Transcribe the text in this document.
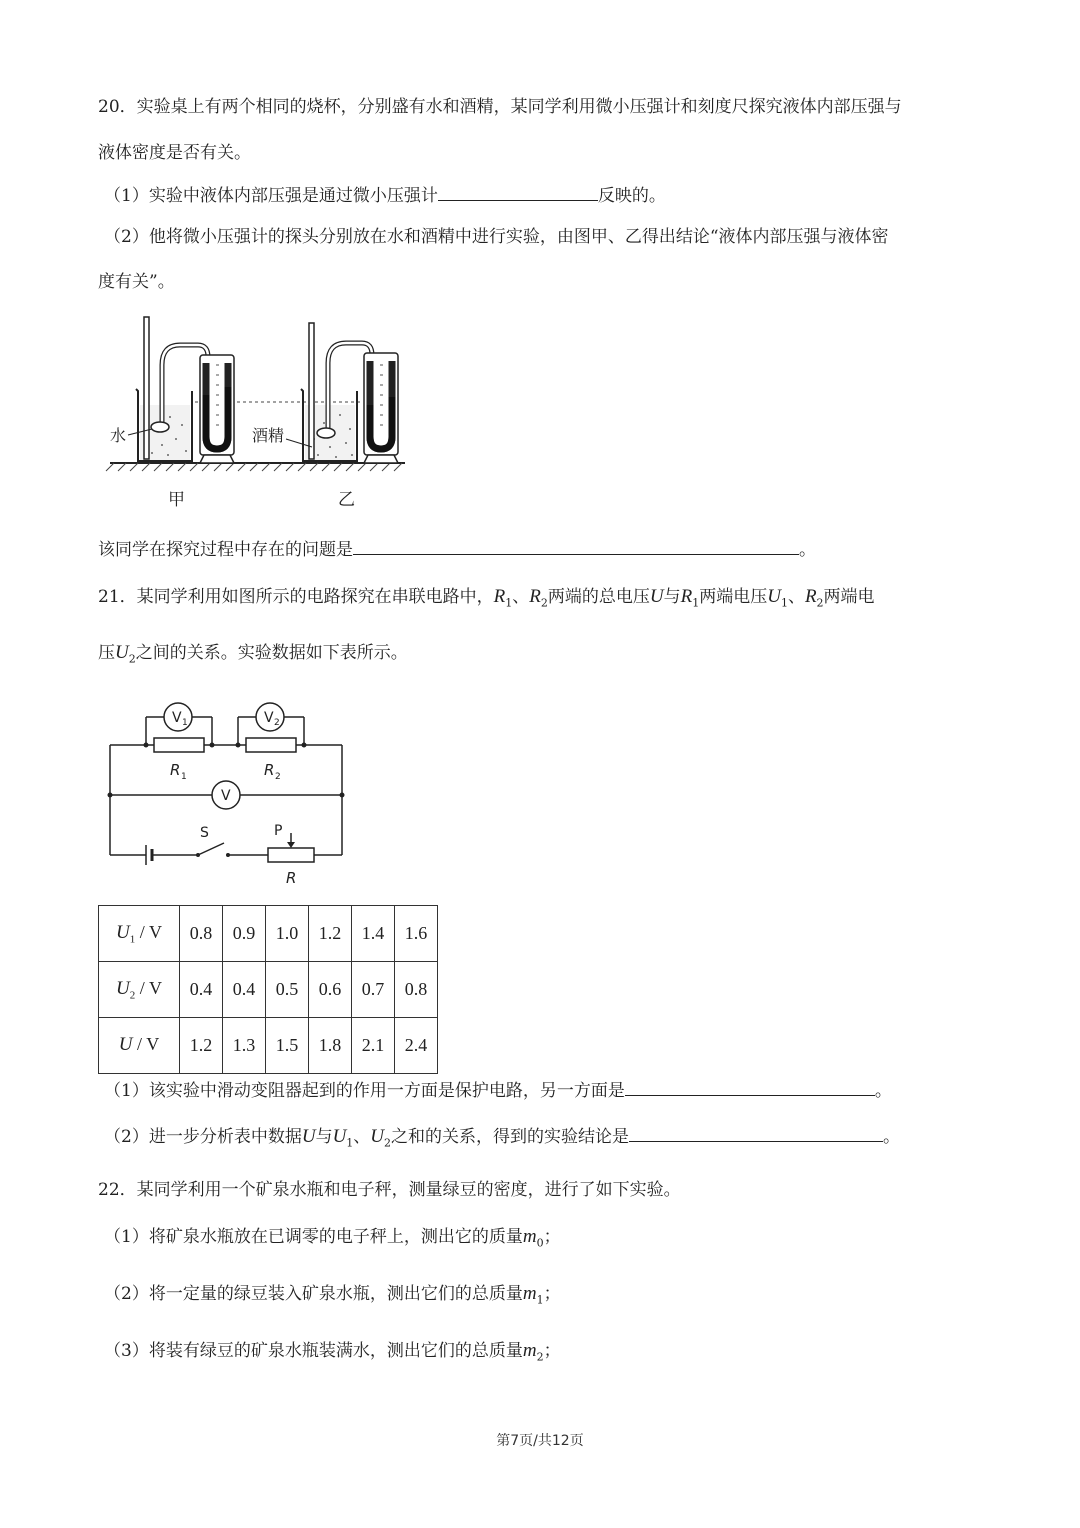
20．实验桌上有两个相同的烧杯，分别盛有水和酒精，某同学利用微小压强计和刻度尺探究液体内部压强与
液体密度是否有关。
（1）实验中液体内部压强是通过微小压强计	反映的。
（2）他将微小压强计的探头分别放在水和酒精中进行实验，由图甲、乙得出结论“液体内部压强与液体密
度有关”。
水	酒精
甲	乙
该同学在探究过程中存在的问题是	。
21．某同学利用如图所示的电路探究在串联电路中，$R_1$、$R_2$两端的总电压U与$R_1$两端电压$U_1$、$R_2$两端电
压$U_2$之间的关系。实验数据如下表所示。
V 1	V 2
V
R 1	R 2
S	P
R
$U_1$ / V	0.8	0.9	1.0	1.2	1.4	1.6
$U_2$ / V	0.4	0.4	0.5	0.6	0.7	0.8
U / V	1.2	1.3	1.5	1.8	2.1	2.4
（1）该实验中滑动变阻器起到的作用一方面是保护电路，另一方面是	。
（2）进一步分析表中数据U与$U_1$、$U_2$之和的关系，得到的实验结论是	。
22．某同学利用一个矿泉水瓶和电子秤，测量绿豆的密度，进行了如下实验。
（1）将矿泉水瓶放在已调零的电子秤上，测出它的质量$m_0$；
（2）将一定量的绿豆装入矿泉水瓶，测出它们的总质量$m_1$；
（3）将装有绿豆的矿泉水瓶装满水，测出它们的总质量$m_2$；
第7页/共12页
